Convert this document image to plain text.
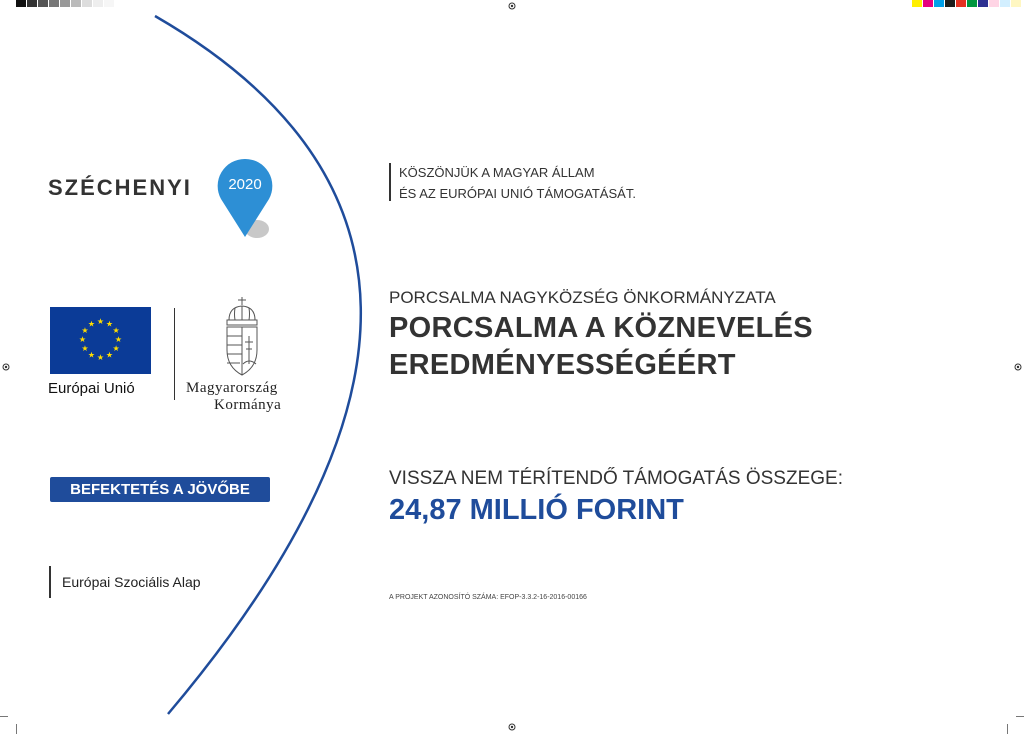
SZÉCHENYI	2020
★ ★
★
★
★
★
★
★
★
★
★
★
Európai Unió	Magyarország
Kormánya
BEFEKTETÉS A JÖVŐBE
Európai Szociális Alap
KÖSZÖNJÜK A MAGYAR ÁLLAM
ÉS AZ EURÓPAI UNIÓ TÁMOGATÁSÁT.
PORCSALMA NAGYKÖZSÉG ÖNKORMÁNYZATA
PORCSALMA A KÖZNEVELÉS
EREDMÉNYESSÉGÉÉRT
VISSZA NEM TÉRÍTENDŐ TÁMOGATÁS ÖSSZEGE:
24,87 MILLIÓ FORINT
A PROJEKT AZONOSÍTÓ SZÁMA: EFOP-3.3.2-16-2016-00166
